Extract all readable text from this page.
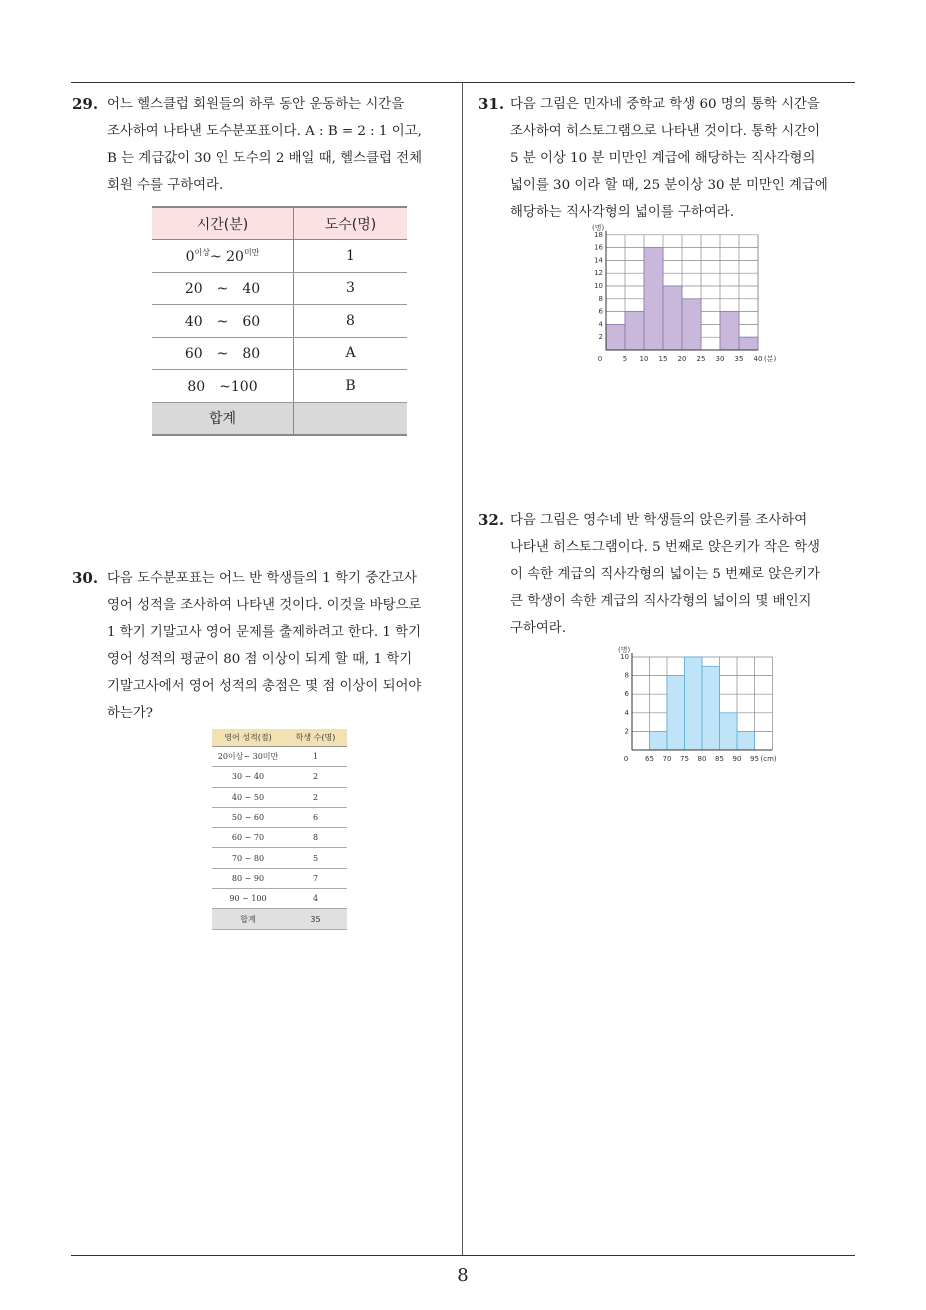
29. 어느 헬스클럽 회원들의 하루 동안 운동하는 시간을
조사하여 나타낸 도수분포표이다. A : B = 2 : 1 이고,
B 는 계급값이 30 인 도수의 2 배일 때, 헬스클럽 전체
회원 수를 구하여라.
시간(분)	도수(명)
$0^{이상}\sim$ $20^{미만}$	1
20　~　40	3
40　~　60	8
60　~　80	A
80　~100	B
합계	
30. 다음 도수분포표는 어느 반 학생들의 1 학기 중간고사
영어 성적을 조사하여 나타낸 것이다. 이것을 바탕으로
1 학기 기말고사 영어 문제를 출제하려고 한다. 1 학기
영어 성적의 평균이 80 점 이상이 되게 할 때, 1 학기
기말고사에서 영어 성적의 총점은 몇 점 이상이 되어야
하는가?
영어 성적(점)	학생 수(명)
20이상~ 30미만	1
30 ~ 40	2
40 ~ 50	2
50 ~ 60	6
60 ~ 70	8
70 ~ 80	5
80 ~ 90	7
90 ~ 100	4
합계	35
31. 다음 그림은 민자네 중학교 학생 60 명의 통학 시간을
조사하여 히스토그램으로 나타낸 것이다. 통학 시간이
5 분 이상 10 분 미만인 계급에 해당하는 직사각형의
넓이를 30 이라 할 때, 25 분이상 30 분 미만인 계급에
해당하는 직사각형의 넓이를 구하여라.
2
4
6
8
10
12
14
16
18
0	5 10 15 20 25 30 35 40 (분)
(명)
32. 다음 그림은 영수네 반 학생들의 앉은키를 조사하여
나타낸 히스토그램이다. 5 번째로 앉은키가 작은 학생
이 속한 계급의 직사각형의 넓이는 5 번째로 앉은키가
큰 학생이 속한 계급의 직사각형의 넓이의 몇 배인지
구하여라.
2
4
6
8
10
0 65 70 75 80 85 90 95 (cm)
(명)
8
